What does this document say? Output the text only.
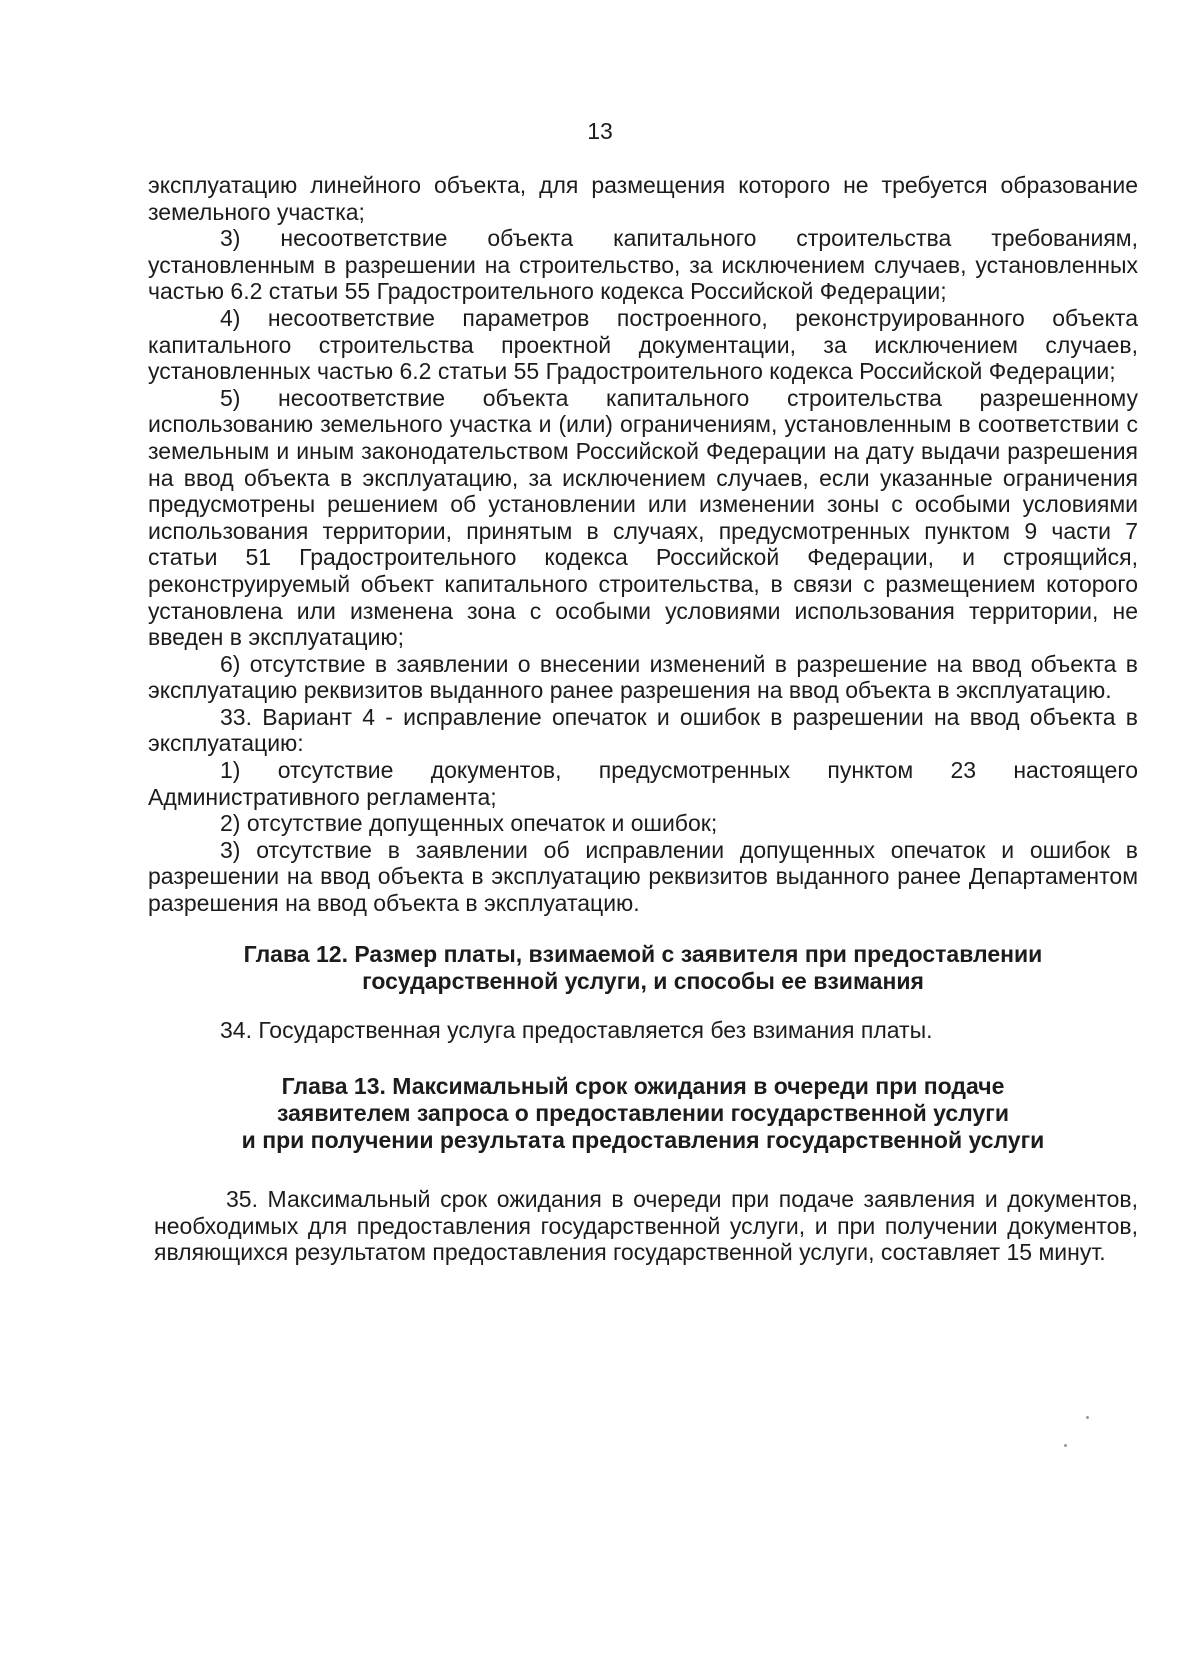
13

эксплуатацию линейного объекта, для размещения которого не требуется образование земельного участка;

3) несоответствие объекта капитального строительства требованиям, установленным в разрешении на строительство, за исключением случаев, установленных частью 6.2 статьи 55 Градостроительного кодекса Российской Федерации;

4) несоответствие параметров построенного, реконструированного объекта капитального строительства проектной документации, за исключением случаев, установленных частью 6.2 статьи 55 Градостроительного кодекса Российской Федерации;

5) несоответствие объекта капитального строительства разрешенному использованию земельного участка и (или) ограничениям, установленным в соответствии с земельным и иным законодательством Российской Федерации на дату выдачи разрешения на ввод объекта в эксплуатацию, за исключением случаев, если указанные ограничения предусмотрены решением об установлении или изменении зоны с особыми условиями использования территории, принятым в случаях, предусмотренных пунктом 9 части 7 статьи 51 Градостроительного кодекса Российской Федерации, и строящийся, реконструируемый объект капитального строительства, в связи с размещением которого установлена или изменена зона с особыми условиями использования территории, не введен в эксплуатацию;

6) отсутствие в заявлении о внесении изменений в разрешение на ввод объекта в эксплуатацию реквизитов выданного ранее разрешения на ввод объекта в эксплуатацию.

33. Вариант 4 - исправление опечаток и ошибок в разрешении на ввод объекта в эксплуатацию:

1) отсутствие документов, предусмотренных пунктом 23 настоящего Административного регламента;

2) отсутствие допущенных опечаток и ошибок;

3) отсутствие в заявлении об исправлении допущенных опечаток и ошибок в разрешении на ввод объекта в эксплуатацию реквизитов выданного ранее Департаментом разрешения на ввод объекта в эксплуатацию.

Глава 12. Размер платы, взимаемой с заявителя при предоставлении

государственной услуги, и способы ее взимания

34. Государственная услуга предоставляется без взимания платы.

Глава 13. Максимальный срок ожидания в очереди при подаче

заявителем запроса о предоставлении государственной услуги

и при получении результата предоставления государственной услуги

35. Максимальный срок ожидания в очереди при подаче заявления и документов, необходимых для предоставления государственной услуги, и при получении документов, являющихся результатом предоставления государственной услуги, составляет 15 минут.
